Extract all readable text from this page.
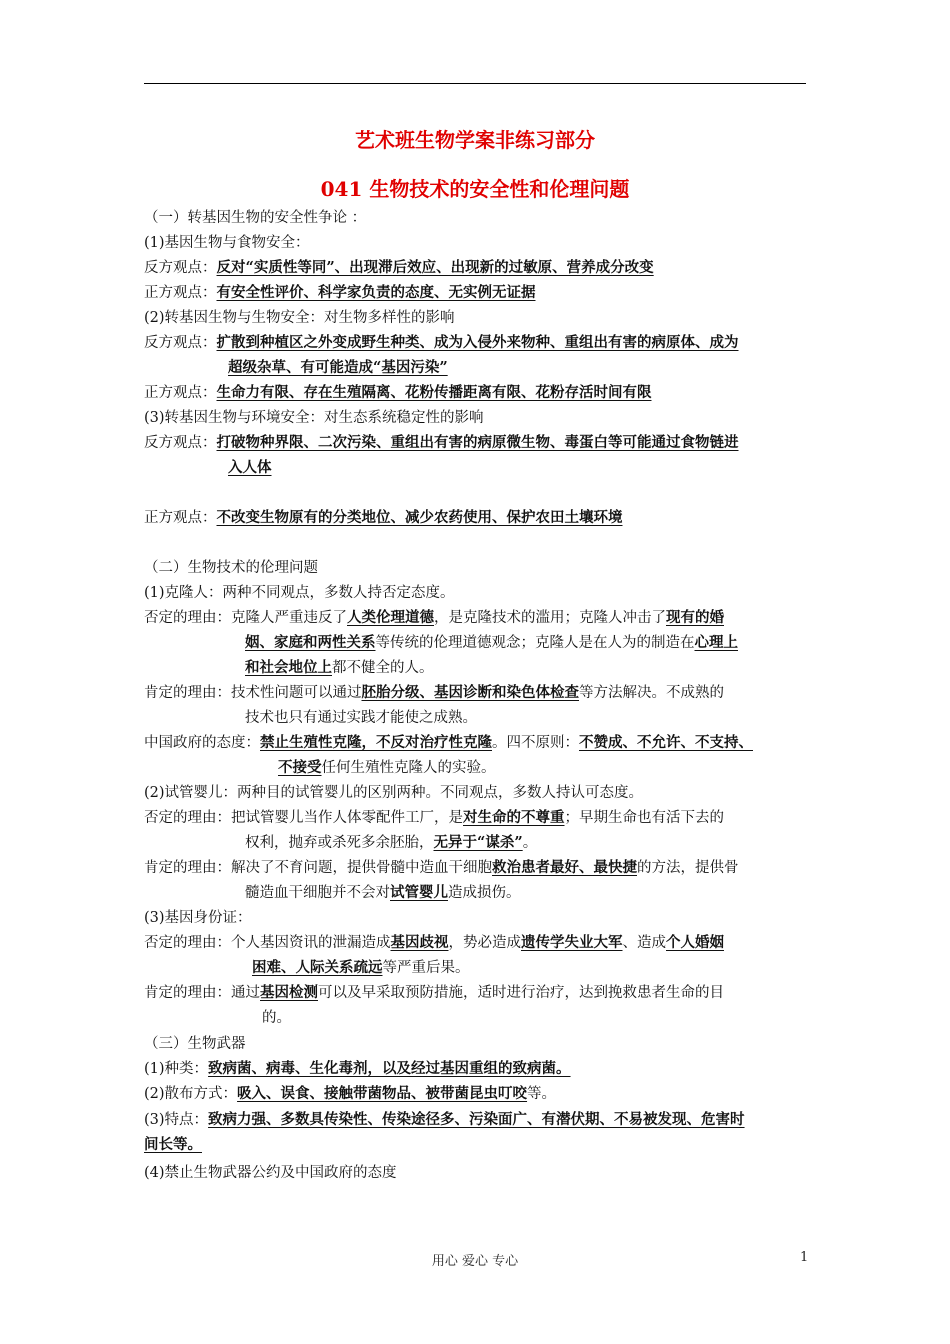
艺术班生物学案非练习部分
041 生物技术的安全性和伦理问题
（一）转基因生物的安全性争论 ：
(1)基因生物与食物安全：
反方观点：反对“实质性等同”、出现滞后效应、出现新的过敏原、营养成分改变
正方观点：有安全性评价、科学家负责的态度、无实例无证据
(2)转基因生物与生物安全：对生物多样性的影响
反方观点：扩散到种植区之外变成野生种类、成为入侵外来物种、重组出有害的病原体、成为
超级杂草、有可能造成“基因污染”
正方观点：生命力有限、存在生殖隔离、花粉传播距离有限、花粉存活时间有限
(3)转基因生物与环境安全：对生态系统稳定性的影响
反方观点：打破物种界限、二次污染、重组出有害的病原微生物、毒蛋白等可能通过食物链进
入人体
正方观点：不改变生物原有的分类地位、减少农药使用、保护农田土壤环境
（二）生物技术的伦理问题
(1)克隆人：两种不同观点，多数人持否定态度。
否定的理由：克隆人严重违反了人类伦理道德，是克隆技术的滥用；克隆人冲击了现有的婚
姻、家庭和两性关系等传统的伦理道德观念；克隆人是在人为的制造在心理上
和社会地位上都不健全的人。
肯定的理由：技术性问题可以通过胚胎分级、基因诊断和染色体检查等方法解决。不成熟的
技术也只有通过实践才能使之成熟。
中国政府的态度：禁止生殖性克隆，不反对治疗性克隆。四不原则：不赞成、不允许、不支持、
不接受任何生殖性克隆人的实验。
(2)试管婴儿：两种目的试管婴儿的区别两种。不同观点，多数人持认可态度。
否定的理由：把试管婴儿当作人体零配件工厂，是对生命的不尊重；早期生命也有活下去的
权利，抛弃或杀死多余胚胎，无异于“谋杀”。
肯定的理由：解决了不育问题，提供骨髓中造血干细胞救治患者最好、最快捷的方法，提供骨
髓造血干细胞并不会对试管婴儿造成损伤。
(3)基因身份证：
否定的理由：个人基因资讯的泄漏造成基因歧视，势必造成遗传学失业大军、造成个人婚姻
困难、人际关系疏远等严重后果。
肯定的理由：通过基因检测可以及早采取预防措施，适时进行治疗，达到挽救患者生命的目
的。
（三）生物武器
(1)种类：致病菌、病毒、生化毒剂，以及经过基因重组的致病菌。
(2)散布方式：吸入、误食、接触带菌物品、被带菌昆虫叮咬等。
(3)特点：致病力强、多数具传染性、传染途径多、污染面广、有潜伏期、不易被发现、危害时
间长等。
(4)禁止生物武器公约及中国政府的态度
用心 爱心 专心	1
